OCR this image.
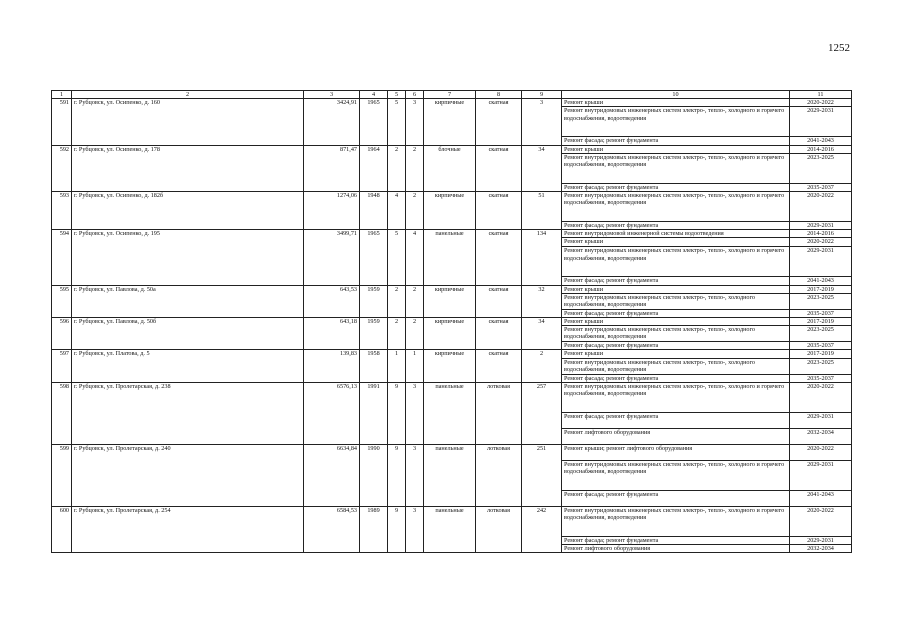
1252
1	2	3	4	5	6	7	8	9	10	11
591	г. Рубцовск, ул. Осипенко, д. 160	3424,91	1965	5	3	кирпичные	скатная	3	Ремонт крыши	2020-2022
									Ремонт внутридомовых инженерных систем электро-, тепло-, холодного и горячего водоснабжения, водоотведения	2029-2031
									Ремонт фасада; ремонт фундамента	2041-2043
592	г. Рубцовск, ул. Осипенко, д. 178	871,47	1964	2	2	блочные	скатная	34	Ремонт крыши	2014-2016
									Ремонт внутридомовых инженерных систем электро-, тепло-, холодного и горячего водоснабжения, водоотведения	2023-2025
									Ремонт фасада; ремонт фундамента	2035-2037
593	г. Рубцовск, ул. Осипенко, д. 182б	1274,06	1948	4	2	кирпичные	скатная	51	Ремонт внутридомовых инженерных систем электро-, тепло-, холодного и горячего водоснабжения, водоотведения	2020-2022
									Ремонт фасада; ремонт фундамента	2029-2031
594	г. Рубцовск, ул. Осипенко, д. 195	3499,71	1965	5	4	панельные	скатная	134	Ремонт внутридомовой инженерной системы водоотведения	2014-2016
									Ремонт крыши	2020-2022
									Ремонт внутридомовых инженерных систем электро-, тепло-, холодного и горячего водоснабжения, водоотведения	2029-2031
									Ремонт фасада; ремонт фундамента	2041-2043
595	г. Рубцовск, ул. Павлова, д. 50а	643,53	1959	2	2	кирпичные	скатная	32	Ремонт крыши	2017-2019
									Ремонт внутридомовых инженерных систем электро-, тепло-, холодного водоснабжения, водоотведения	2023-2025
									Ремонт фасада; ремонт фундамента	2035-2037
596	г. Рубцовск, ул. Павлова, д. 50б	643,18	1959	2	2	кирпичные	скатная	34	Ремонт крыши	2017-2019
									Ремонт внутридомовых инженерных систем электро-, тепло-, холодного водоснабжения, водоотведения	2023-2025
									Ремонт фасада; ремонт фундамента	2035-2037
597	г. Рубцовск, ул. Платова, д. 5	139,83	1958	1	1	кирпичные	скатная	2	Ремонт крыши	2017-2019
									Ремонт внутридомовых инженерных систем электро-, тепло-, холодного водоснабжения, водоотведения	2023-2025
									Ремонт фасада; ремонт фундамента	2035-2037
598	г. Рубцовск, ул. Пролетарская, д. 238	6576,13	1991	9	3	панельные	лотковая	257	Ремонт внутридомовых инженерных систем электро-, тепло-, холодного и горячего водоснабжения, водоотведения	2020-2022
									Ремонт фасада; ремонт фундамента	2029-2031
									Ремонт лифтового оборудования	2032-2034
599	г. Рубцовск, ул. Пролетарская, д. 240	6634,84	1990	9	3	панельные	лотковая	251	Ремонт крыши; ремонт лифтового оборудования	2020-2022
									Ремонт внутридомовых инженерных систем электро-, тепло-, холодного и горячего водоснабжения, водоотведения	2029-2031
									Ремонт фасада; ремонт фундамента	2041-2043
600	г. Рубцовск, ул. Пролетарская, д. 254	6584,53	1989	9	3	панельные	лотковая	242	Ремонт внутридомовых инженерных систем электро-, тепло-, холодного и горячего водоснабжения, водоотведения	2020-2022
									Ремонт фасада; ремонт фундамента	2029-2031
									Ремонт лифтового оборудования	2032-2034
